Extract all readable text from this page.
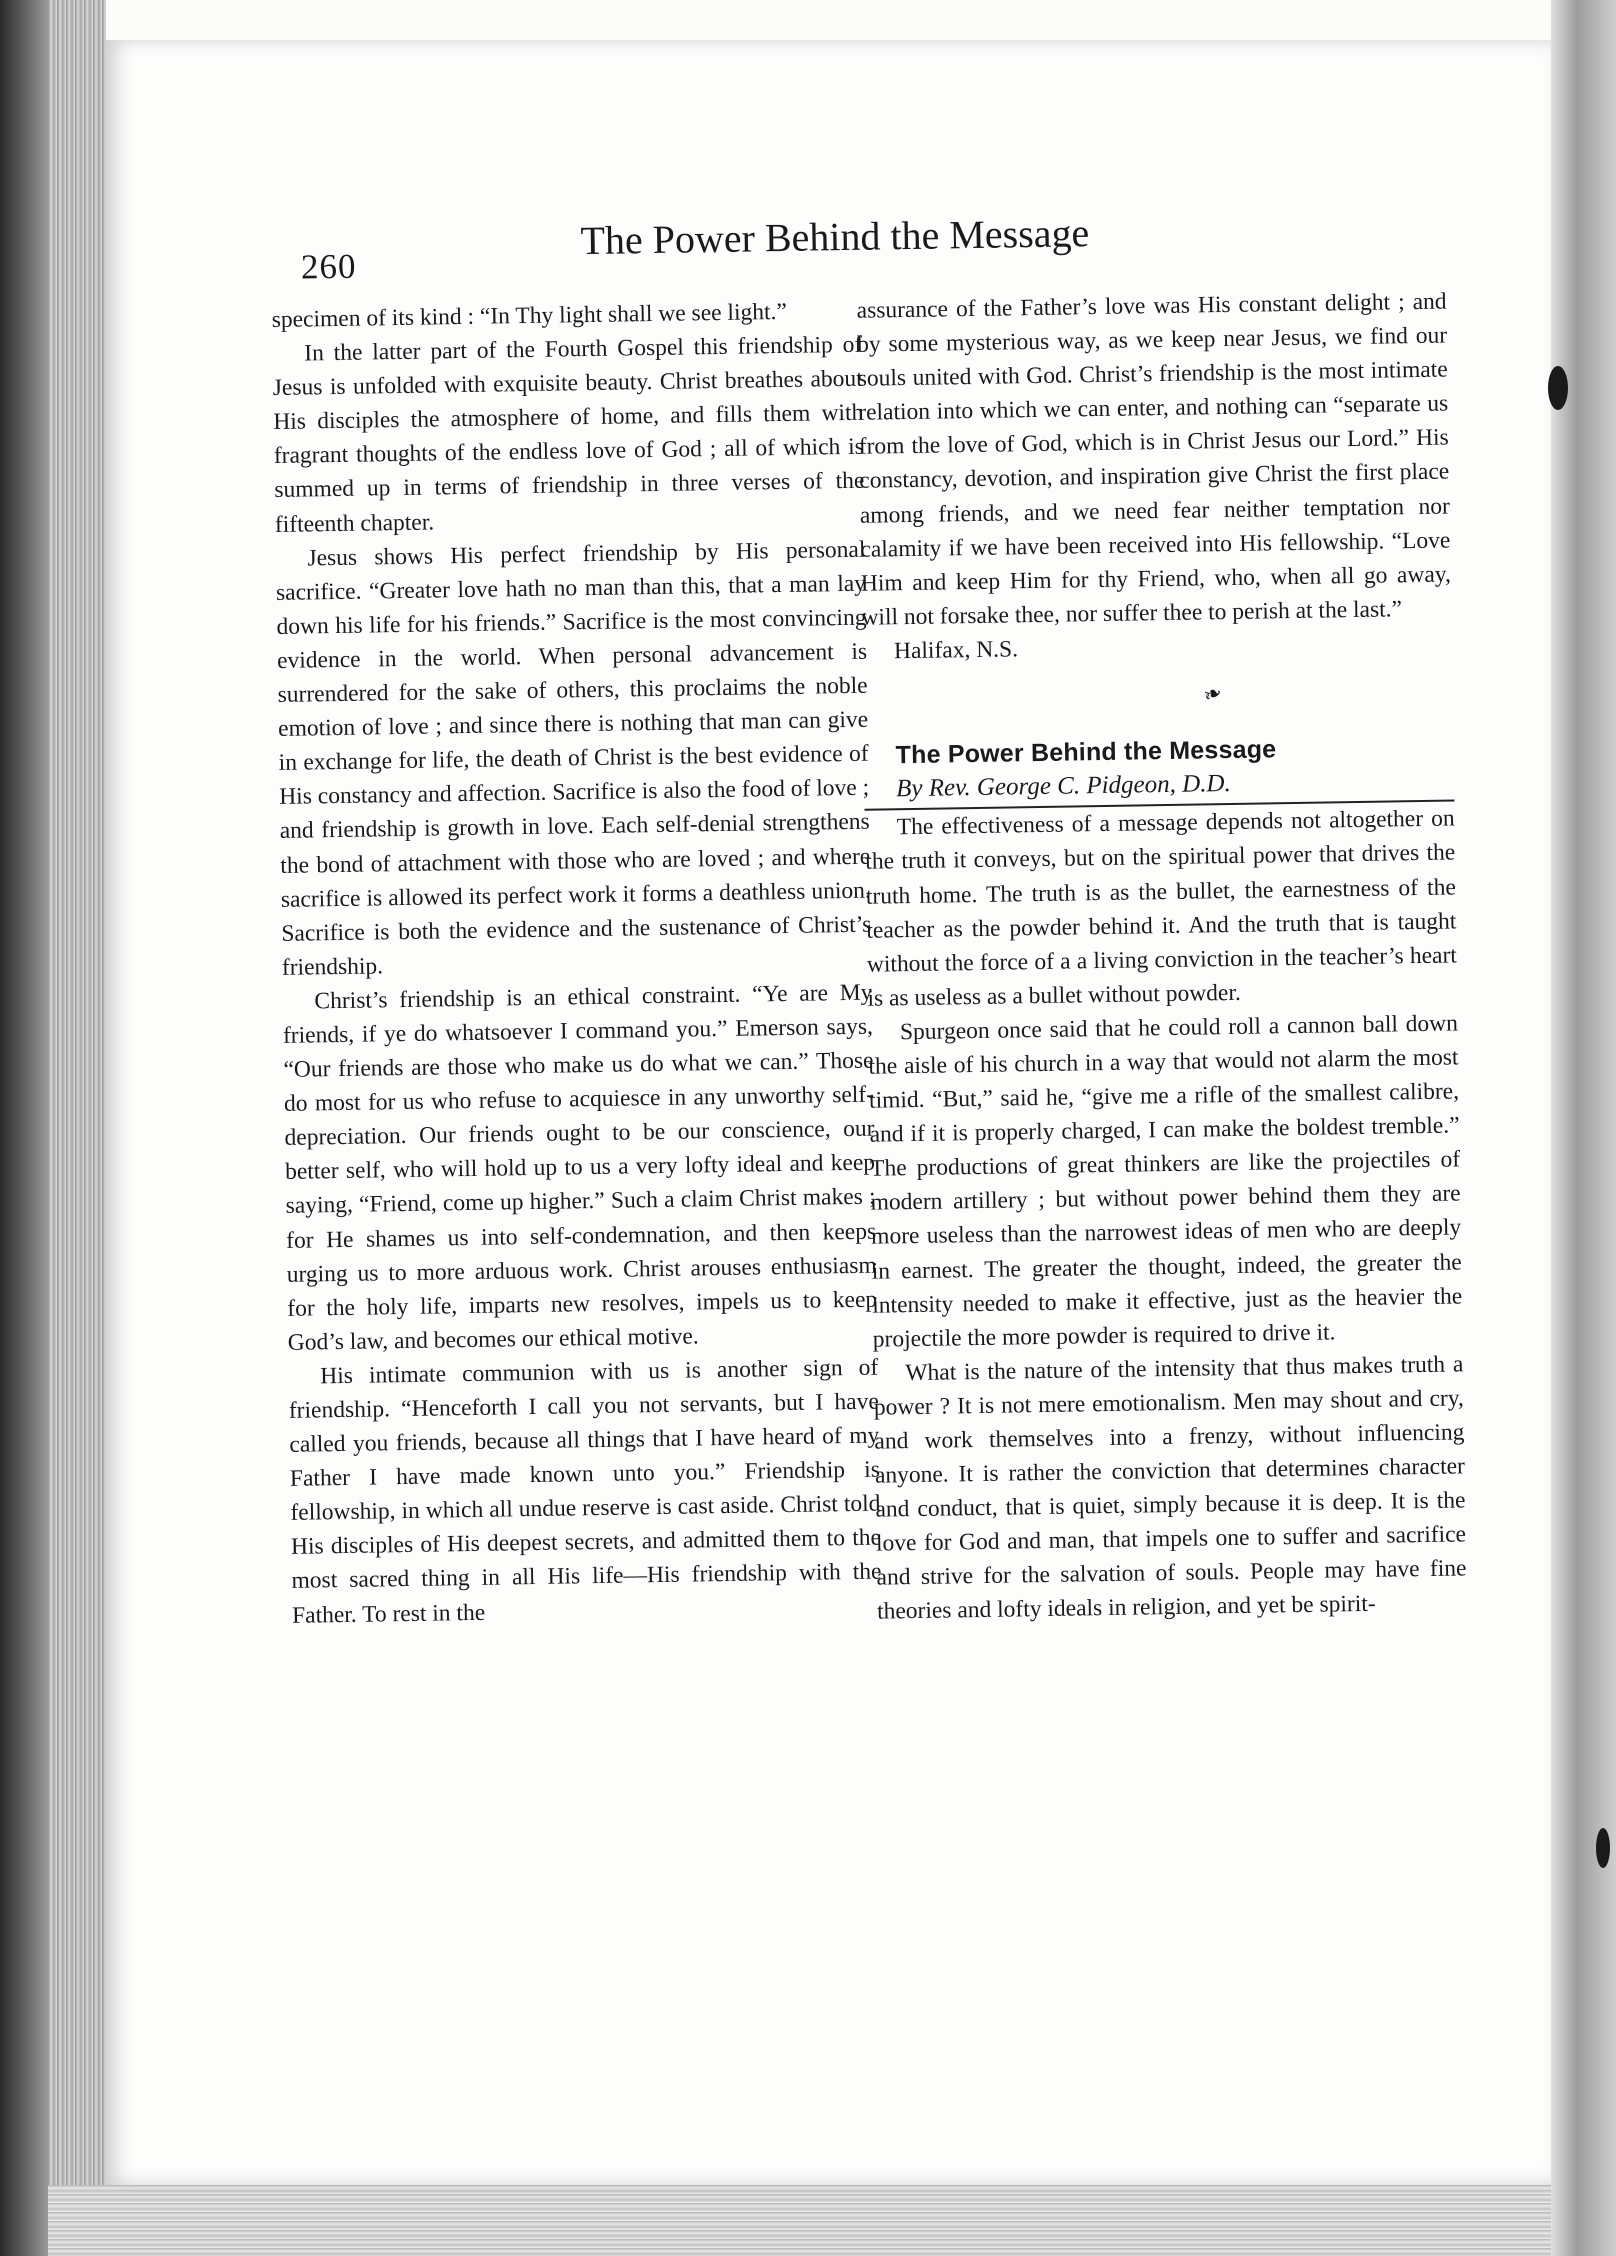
260
The Power Behind the Message

specimen of its kind : “In Thy light shall we see light.”

In the latter part of the Fourth Gospel this friendship of Jesus is unfolded with exquisite beauty. Christ breathes about His disciples the atmosphere of home, and fills them with fragrant thoughts of the endless love of God ; all of which is summed up in terms of friendship in three verses of the fifteenth chapter.

Jesus shows His perfect friendship by His personal sacrifice. “Greater love hath no man than this, that a man lay down his life for his friends.” Sacrifice is the most convincing evidence in the world. When personal advancement is surrendered for the sake of others, this proclaims the noble emotion of love ; and since there is nothing that man can give in exchange for life, the death of Christ is the best evidence of His constancy and affection. Sacrifice is also the food of love ; and friendship is growth in love. Each self-denial strengthens the bond of attachment with those who are loved ; and where sacrifice is allowed its perfect work it forms a deathless union. Sacrifice is both the evidence and the sustenance of Christ’s friendship.

Christ’s friendship is an ethical constraint. “Ye are My friends, if ye do whatsoever I command you.” Emerson says, “Our friends are those who make us do what we can.” Those do most for us who refuse to acquiesce in any unworthy self-depreciation. Our friends ought to be our conscience, our better self, who will hold up to us a very lofty ideal and keep saying, “Friend, come up higher.” Such a claim Christ makes ; for He shames us into self-condemnation, and then keeps urging us to more arduous work. Christ arouses enthusiasm for the holy life, imparts new resolves, impels us to keep God’s law, and becomes our ethical motive.

His intimate communion with us is another sign of friendship. “Henceforth I call you not servants, but I have called you friends, because all things that I have heard of my Father I have made known unto you.” Friendship is fellowship, in which all undue reserve is cast aside. Christ told His disciples of His deepest secrets, and admitted them to the most sacred thing in all His life—His friendship with the Father. To rest in the

assurance of the Father’s love was His constant delight ; and by some mysterious way, as we keep near Jesus, we find our souls united with God. Christ’s friendship is the most intimate relation into which we can enter, and nothing can “separate us from the love of God, which is in Christ Jesus our Lord.” His constancy, devotion, and inspiration give Christ the first place among friends, and we need fear neither temptation nor calamity if we have been received into His fellowship. “Love Him and keep Him for thy Friend, who, when all go away, will not forsake thee, nor suffer thee to perish at the last.”

Halifax, N.S.

❧

The Power Behind the Message

By Rev. George C. Pidgeon, D.D.

The effectiveness of a message depends not altogether on the truth it conveys, but on the spiritual power that drives the truth home. The truth is as the bullet, the earnestness of the teacher as the powder behind it. And the truth that is taught without the force of a a living conviction in the teacher’s heart is as useless as a bullet without powder.

Spurgeon once said that he could roll a cannon ball down the aisle of his church in a way that would not alarm the most timid. “But,” said he, “give me a rifle of the smallest calibre, and if it is properly charged, I can make the boldest tremble.” The productions of great thinkers are like the projectiles of modern artillery ; but without power behind them they are more useless than the narrowest ideas of men who are deeply in earnest. The greater the thought, indeed, the greater the intensity needed to make it effective, just as the heavier the projectile the more powder is required to drive it.

What is the nature of the intensity that thus makes truth a power ? It is not mere emotionalism. Men may shout and cry, and work themselves into a frenzy, without influencing anyone. It is rather the conviction that determines character and conduct, that is quiet, simply because it is deep. It is the love for God and man, that impels one to suffer and sacrifice and strive for the salvation of souls. People may have fine theories and lofty ideals in religion, and yet be spirit-
